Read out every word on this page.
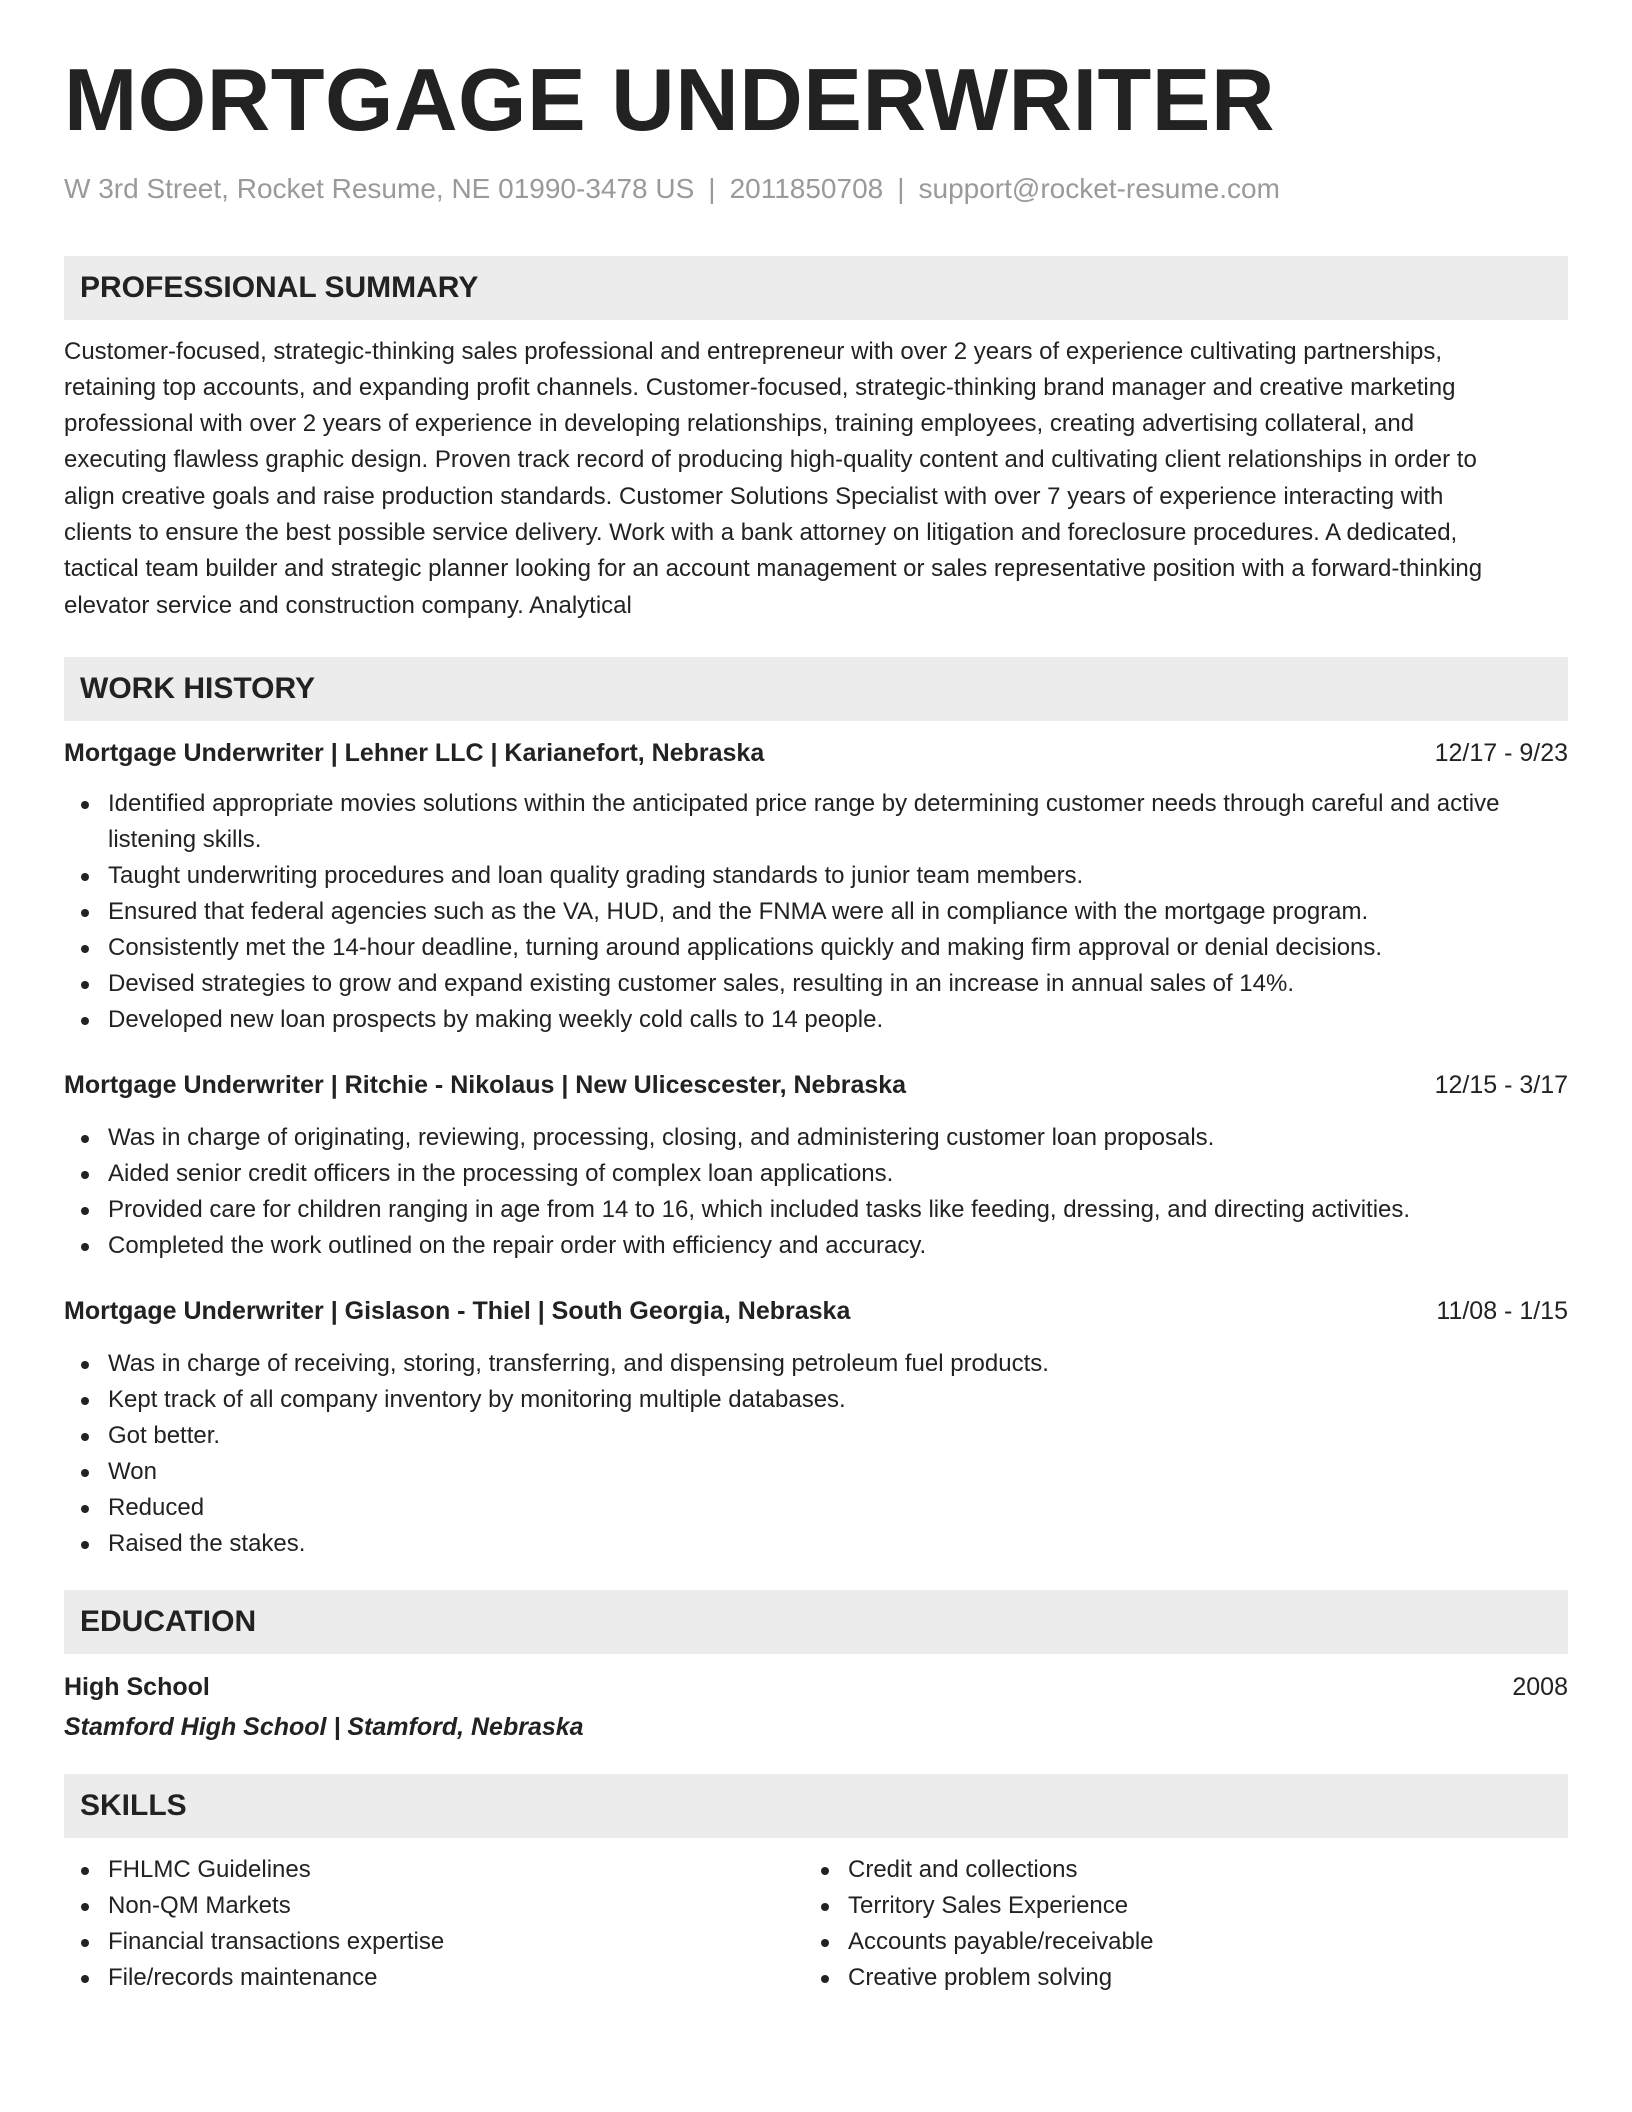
MORTGAGE UNDERWRITER
W 3rd Street, Rocket Resume, NE 01990-3478 US | 2011850708 | support@rocket-resume.com
PROFESSIONAL SUMMARY
Customer-focused, strategic-thinking sales professional and entrepreneur with over 2 years of experience cultivating partnerships,
retaining top accounts, and expanding profit channels. Customer-focused, strategic-thinking brand manager and creative marketing
professional with over 2 years of experience in developing relationships, training employees, creating advertising collateral, and
executing flawless graphic design. Proven track record of producing high-quality content and cultivating client relationships in order to
align creative goals and raise production standards. Customer Solutions Specialist with over 7 years of experience interacting with
clients to ensure the best possible service delivery. Work with a bank attorney on litigation and foreclosure procedures. A dedicated,
tactical team builder and strategic planner looking for an account management or sales representative position with a forward-thinking
elevator service and construction company. Analytical
WORK HISTORY
Mortgage Underwriter | Lehner LLC | Karianefort, Nebraska	12/17 - 9/23
Identified appropriate movies solutions within the anticipated price range by determining customer needs through careful and active listening skills.
Taught underwriting procedures and loan quality grading standards to junior team members.
Ensured that federal agencies such as the VA, HUD, and the FNMA were all in compliance with the mortgage program.
Consistently met the 14-hour deadline, turning around applications quickly and making firm approval or denial decisions.
Devised strategies to grow and expand existing customer sales, resulting in an increase in annual sales of 14%.
Developed new loan prospects by making weekly cold calls to 14 people.
Mortgage Underwriter | Ritchie - Nikolaus | New Ulicescester, Nebraska	12/15 - 3/17
Was in charge of originating, reviewing, processing, closing, and administering customer loan proposals.
Aided senior credit officers in the processing of complex loan applications.
Provided care for children ranging in age from 14 to 16, which included tasks like feeding, dressing, and directing activities.
Completed the work outlined on the repair order with efficiency and accuracy.
Mortgage Underwriter | Gislason - Thiel | South Georgia, Nebraska	11/08 - 1/15
Was in charge of receiving, storing, transferring, and dispensing petroleum fuel products.
Kept track of all company inventory by monitoring multiple databases.
Got better.
Won
Reduced
Raised the stakes.
EDUCATION
High School	2008
Stamford High School | Stamford, Nebraska
SKILLS
FHLMC Guidelines
Non-QM Markets
Financial transactions expertise
File/records maintenance
Credit and collections
Territory Sales Experience
Accounts payable/receivable
Creative problem solving
